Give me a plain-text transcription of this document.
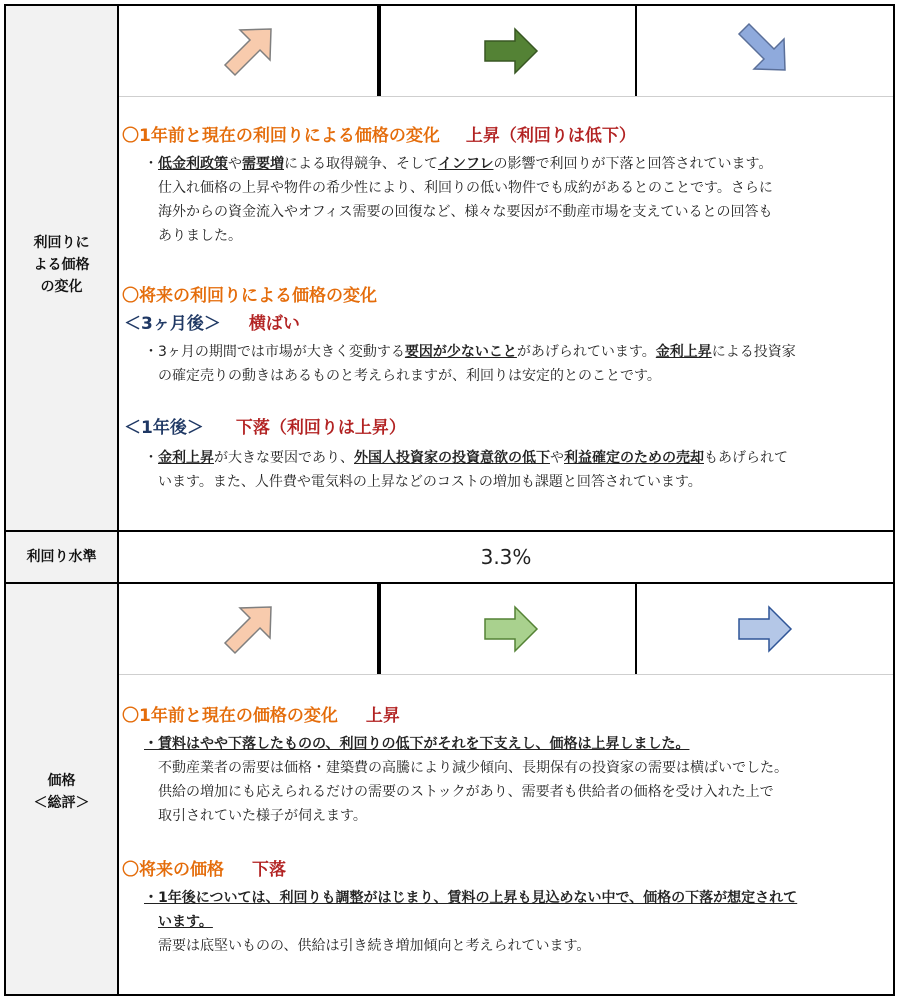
利回りに
よる価格
の変化
利回り水準
価格
＜総評＞
〇1年前と現在の利回りによる価格の変化 上昇（利回りは低下）
・低金利政策や需要増による取得競争、そしてインフレの影響で利回りが下落と回答されています。
仕入れ価格の上昇や物件の希少性により、利回りの低い物件でも成約があるとのことです。さらに
海外からの資金流入やオフィス需要の回復など、様々な要因が不動産市場を支えているとの回答も
ありました。
〇将来の利回りによる価格の変化
＜3ヶ月後＞ 横ばい
・3ヶ月の期間では市場が大きく変動する要因が少ないことがあげられています。金利上昇による投資家
の確定売りの動きはあるものと考えられますが、利回りは安定的とのことです。
＜1年後＞ 下落（利回りは上昇）
・金利上昇が大きな要因であり、外国人投資家の投資意欲の低下や利益確定のための売却もあげられて
います。また、人件費や電気料の上昇などのコストの増加も課題と回答されています。
3.3%
〇1年前と現在の価格の変化 上昇
・賃料はやや下落したものの、利回りの低下がそれを下支えし、価格は上昇しました。
不動産業者の需要は価格・建築費の高騰により減少傾向、長期保有の投資家の需要は横ばいでした。
供給の増加にも応えられるだけの需要のストックがあり、需要者も供給者の価格を受け入れた上で
取引されていた様子が伺えます。
〇将来の価格 下落
・1年後については、利回りも調整がはじまり、賃料の上昇も見込めない中で、価格の下落が想定されて
います。
需要は底堅いものの、供給は引き続き増加傾向と考えられています。
